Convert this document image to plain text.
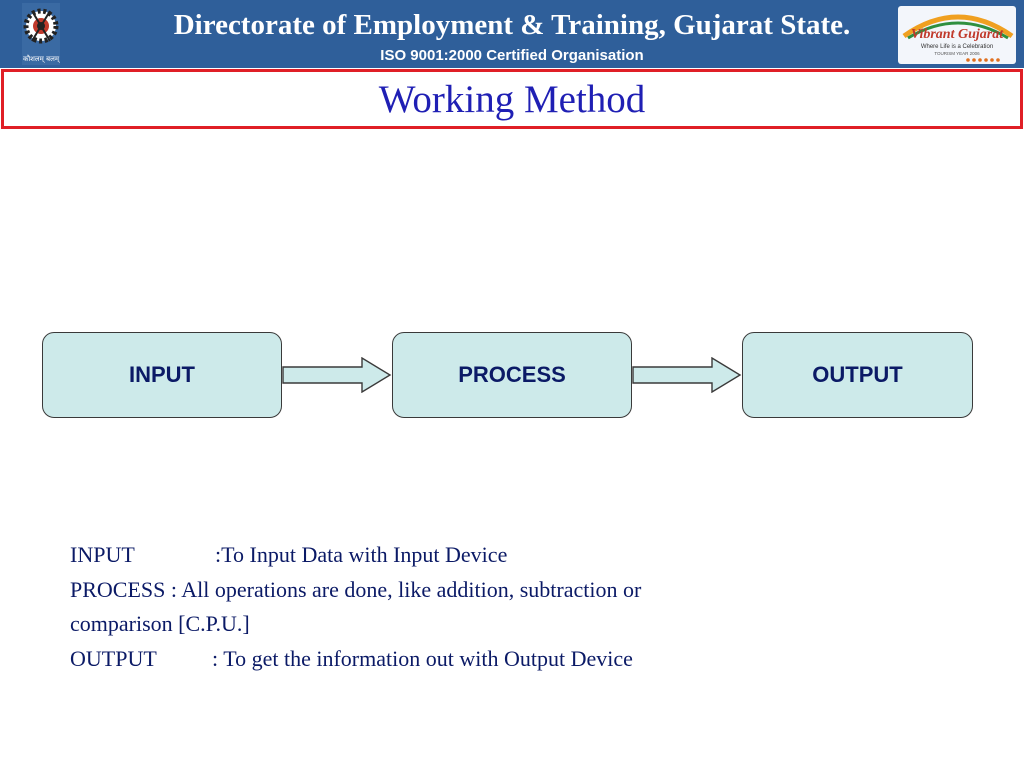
कौशलम् बलम्
Directorate of Employment & Training, Gujarat State.
ISO 9001:2000 Certified Organisation
Vibrant Gujarat
Where Life is a Celebration
TOURISM YEAR 2006
Working Method
INPUT	PROCESS	OUTPUT
INPUT	:To Input Data with Input Device
PROCESS : All operations are done, like addition, subtraction or
comparison [C.P.U.]
OUTPUT	: To get the information out with Output Device
